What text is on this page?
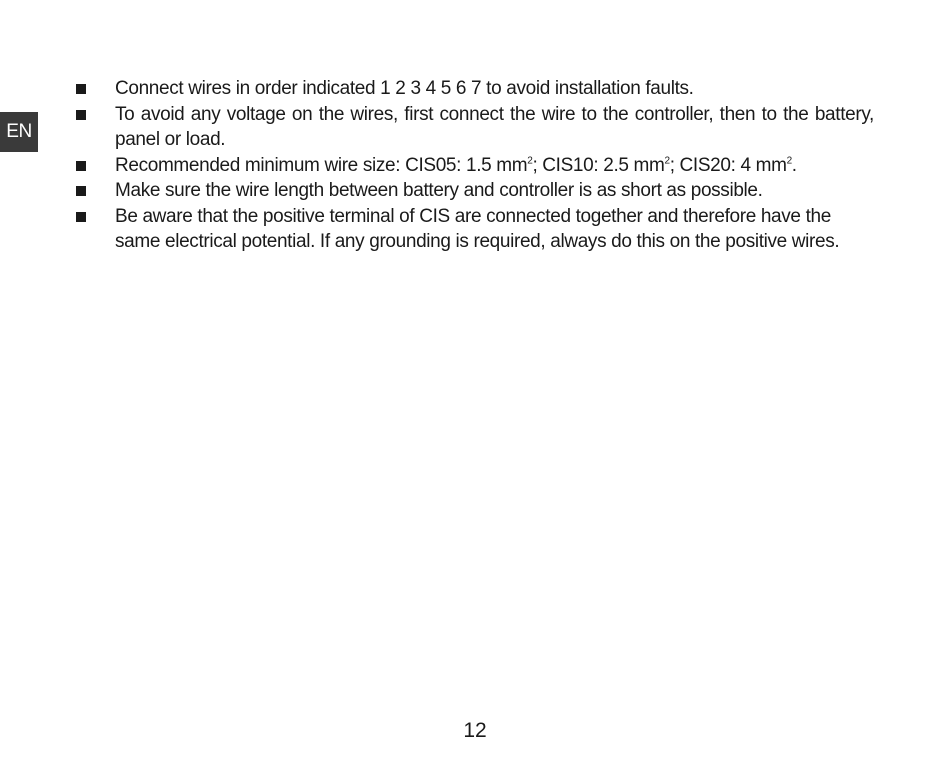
EN
Connect wires in order indicated 1 2 3 4 5 6 7 to avoid installation faults.
To avoid any voltage on the wires, first connect the wire to the controller, then to the battery, panel or load.
Recommended minimum wire size: CIS05: 1.5 $mm^2$; CIS10: 2.5 $mm^2$; CIS20: 4 $mm^2$.
Make sure the wire length between battery and controller is as short as possible.
Be aware that the positive terminal of CIS are connected together and therefore have the same electrical potential. If any grounding is required, always do this on the positive wires.
12
